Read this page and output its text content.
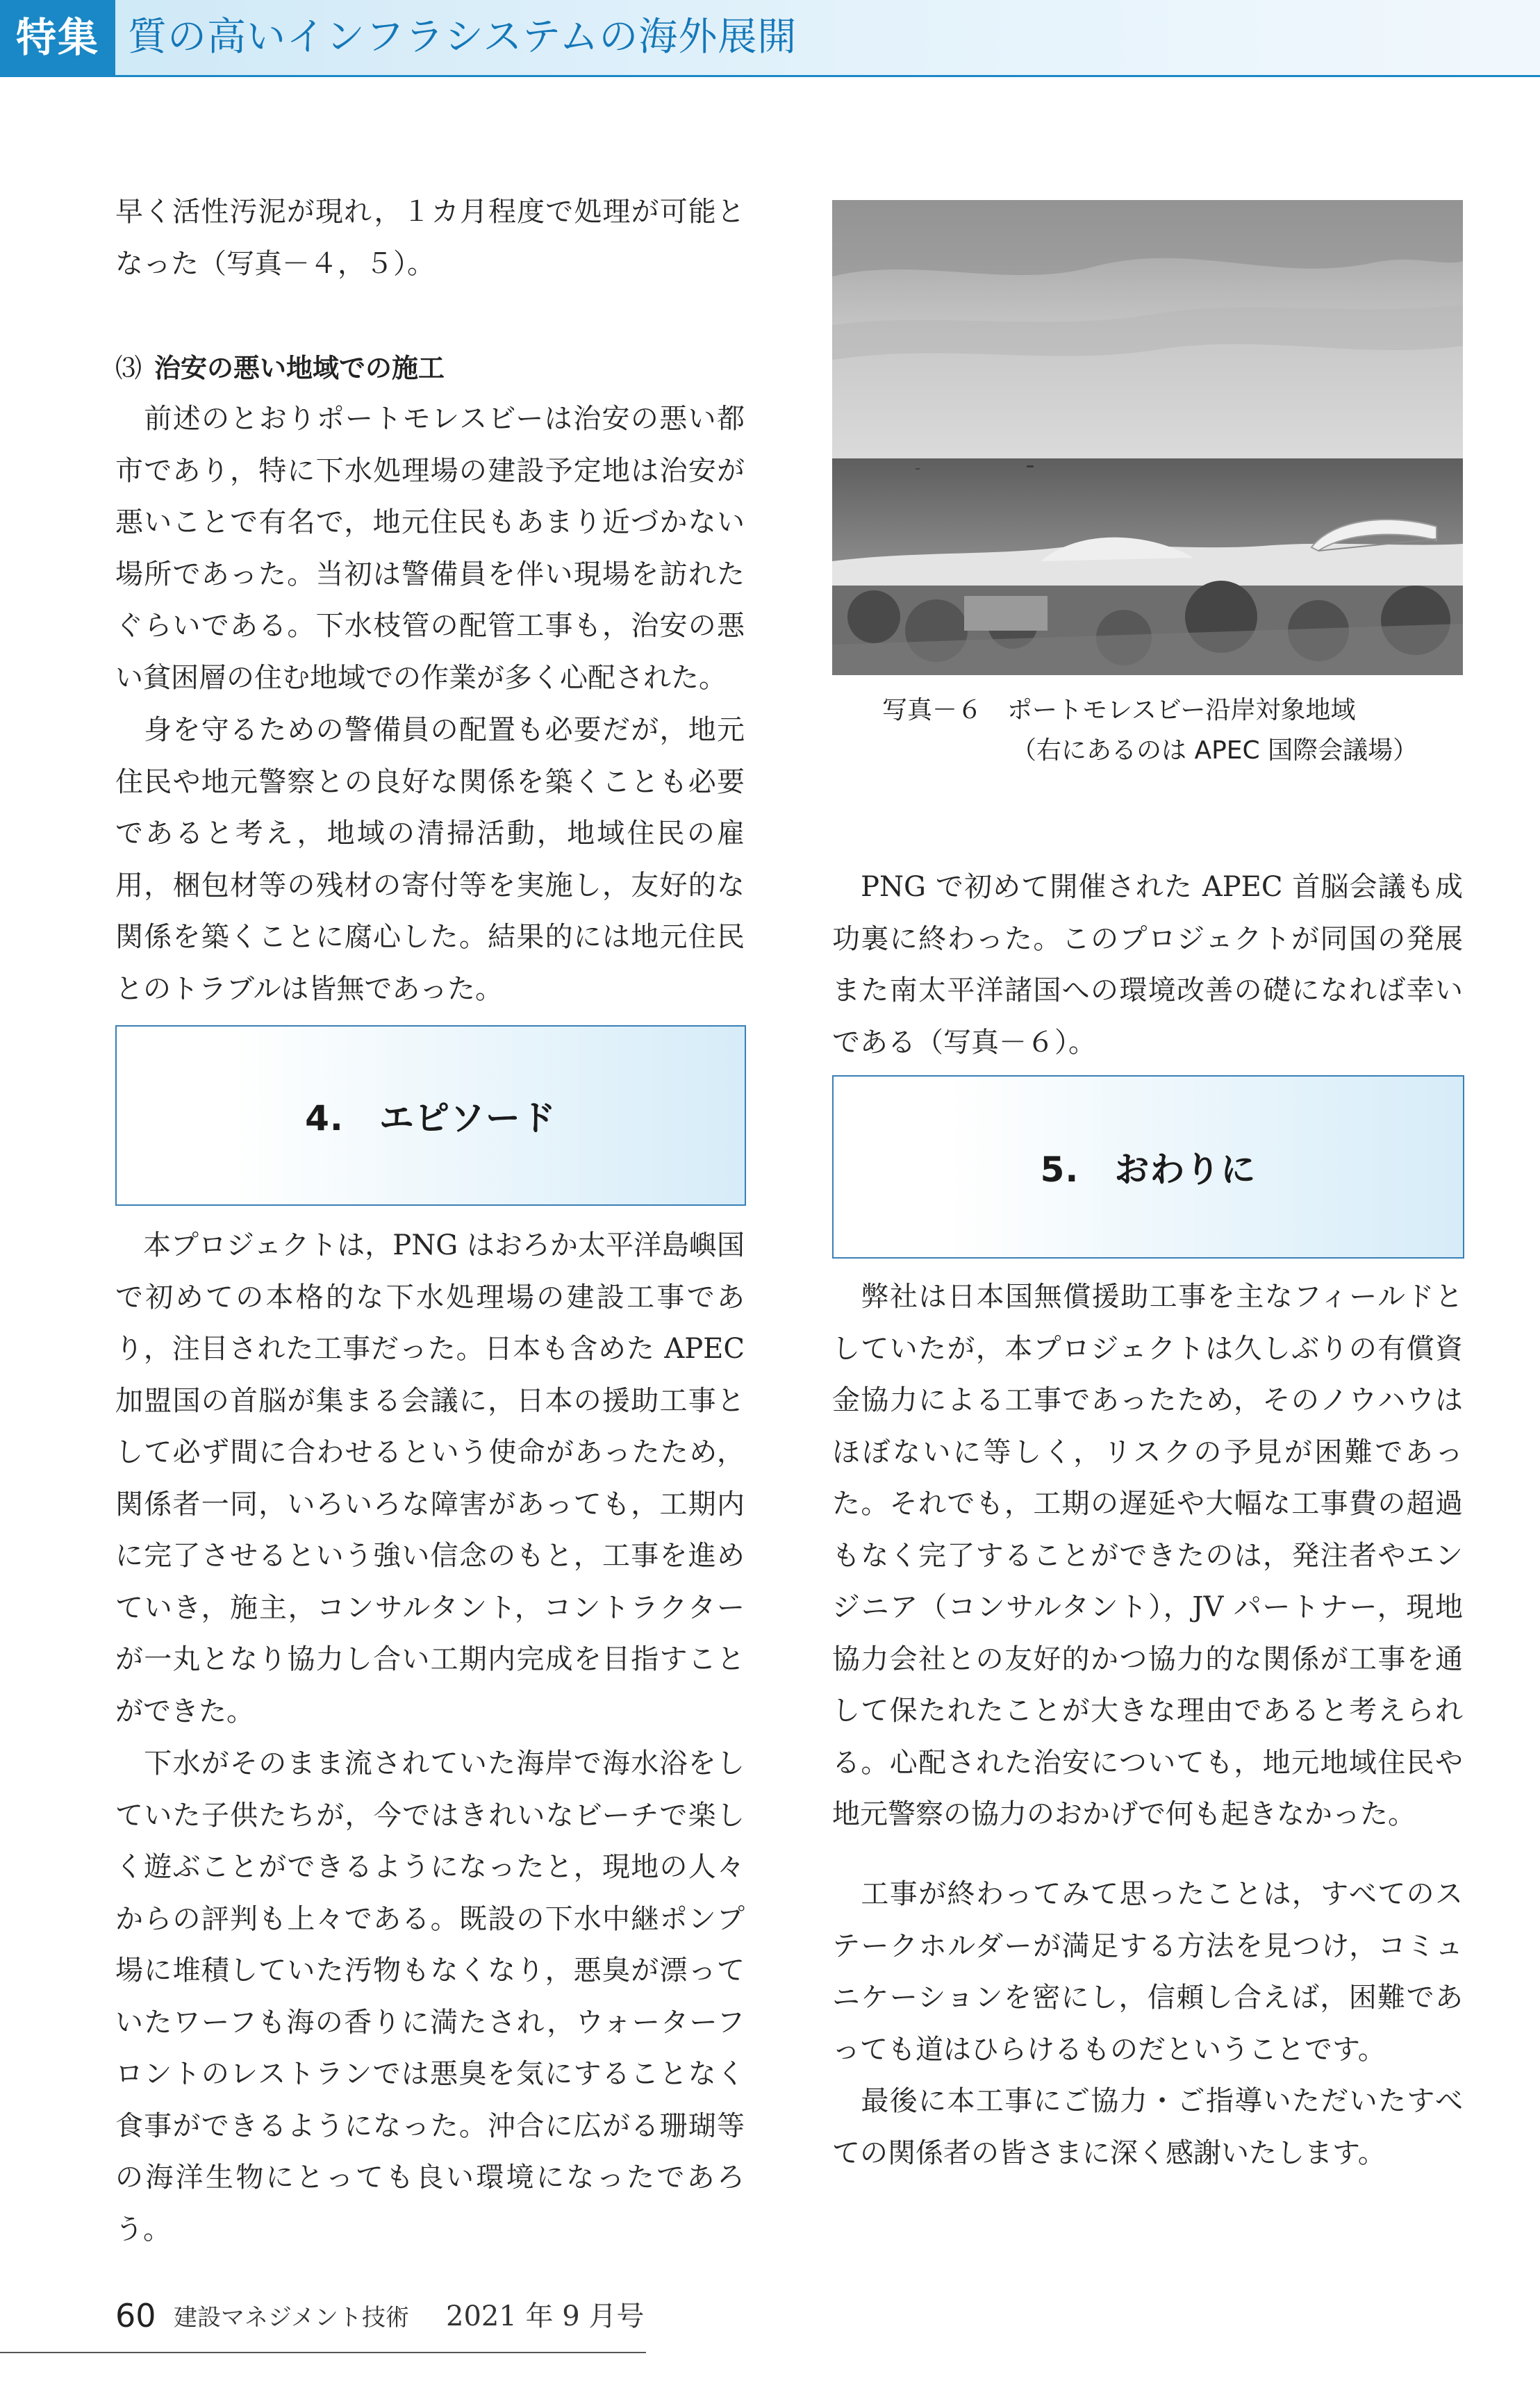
特集 質の高いインフラシステムの海外展開

早く活性汚泥が現れ，１カ月程度で処理が可能となった（写真－４，５）。

⑶ 治安の悪い地域での施工

　前述のとおりポートモレスビーは治安の悪い都市であり，特に下水処理場の建設予定地は治安が悪いことで有名で，地元住民もあまり近づかない場所であった。当初は警備員を伴い現場を訪れたぐらいである。下水枝管の配管工事も，治安の悪い貧困層の住む地域での作業が多く心配された。

　身を守るための警備員の配置も必要だが，地元住民や地元警察との良好な関係を築くことも必要であると考え，地域の清掃活動，地域住民の雇用，梱包材等の残材の寄付等を実施し，友好的な関係を築くことに腐心した。結果的には地元住民とのトラブルは皆無であった。

4.　エピソード

　本プロジェクトは，PNG はおろか太平洋島嶼国で初めての本格的な下水処理場の建設工事であり，注目された工事だった。日本も含めた APEC 加盟国の首脳が集まる会議に，日本の援助工事として必ず間に合わせるという使命があったため，関係者一同，いろいろな障害があっても，工期内に完了させるという強い信念のもと，工事を進めていき，施主，コンサルタント，コントラクターが一丸となり協力し合い工期内完成を目指すことができた。

　下水がそのまま流されていた海岸で海水浴をしていた子供たちが，今ではきれいなビーチで楽しく遊ぶことができるようになったと，現地の人々からの評判も上々である。既設の下水中継ポンプ場に堆積していた汚物もなくなり，悪臭が漂っていたワーフも海の香りに満たされ，ウォーターフロントのレストランでは悪臭を気にすることなく食事ができるようになった。沖合に広がる珊瑚等の海洋生物にとっても良い環境になったであろう。

写真－６　ポートモレスビー沿岸対象地域

（右にあるのは APEC 国際会議場）

　PNG で初めて開催された APEC 首脳会議も成功裏に終わった。このプロジェクトが同国の発展また南太平洋諸国への環境改善の礎になれば幸いである（写真－６）。

5.　おわりに

　弊社は日本国無償援助工事を主なフィールドとしていたが，本プロジェクトは久しぶりの有償資金協力による工事であったため，そのノウハウはほぼないに等しく，リスクの予見が困難であった。それでも，工期の遅延や大幅な工事費の超過もなく完了することができたのは，発注者やエンジニア（コンサルタント），JV パートナー，現地協力会社との友好的かつ協力的な関係が工事を通して保たれたことが大きな理由であると考えられる。心配された治安についても，地元地域住民や地元警察の協力のおかげで何も起きなかった。

　工事が終わってみて思ったことは，すべてのステークホルダーが満足する方法を見つけ，コミュニケーションを密にし，信頼し合えば，困難であっても道はひらけるものだということです。

　最後に本工事にご協力・ご指導いただいたすべての関係者の皆さまに深く感謝いたします。

60 建設マネジメント技術 2021 年 9 月号
